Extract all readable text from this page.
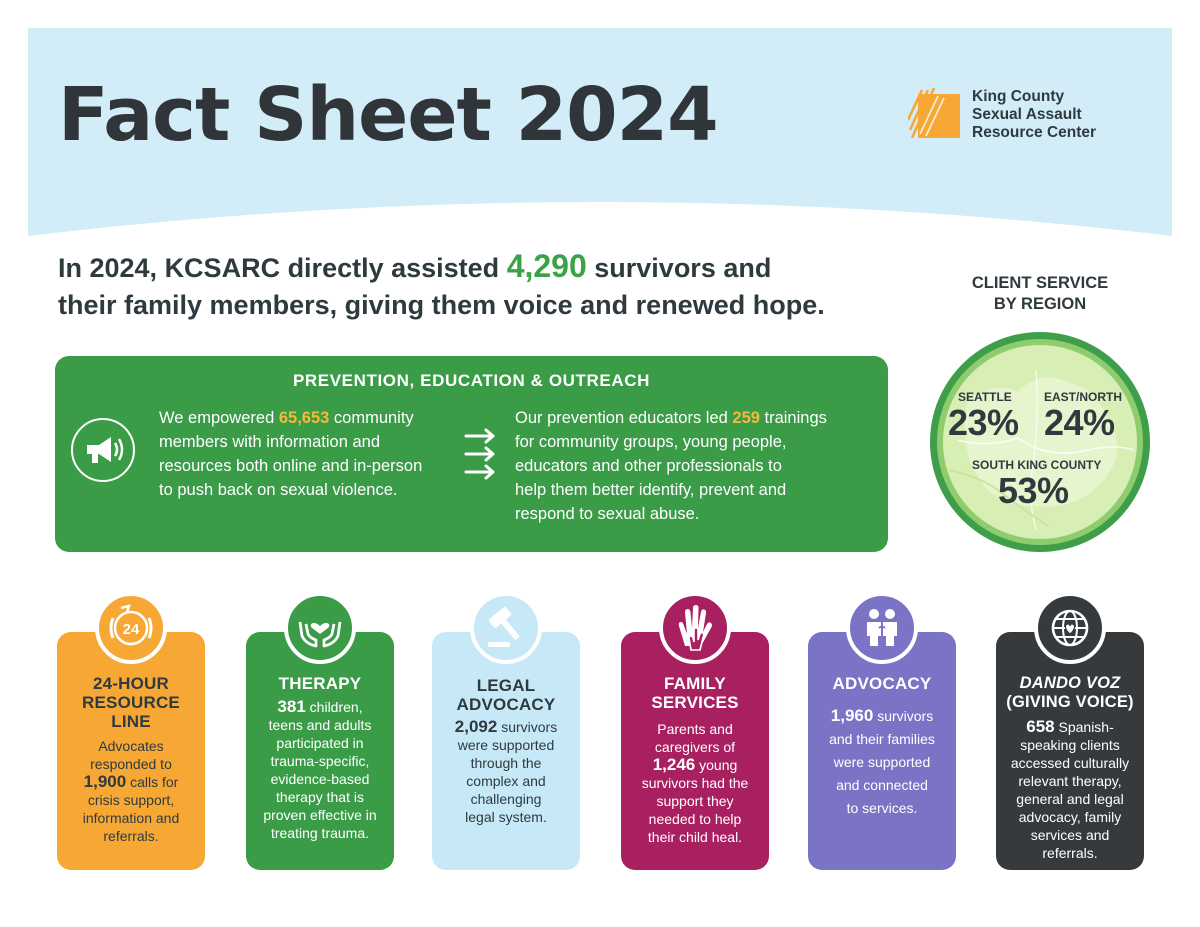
Fact Sheet 2024	King County
Sexual Assault
Resource Center
In 2024, KCSARC directly assisted 4,290 survivors and
their family members, giving them voice and renewed hope.
PREVENTION, EDUCATION & OUTREACH
We empowered 65,653 community
members with information and
resources both online and in-person
to push back on sexual violence.
Our prevention educators led 259 trainings
for community groups, young people,
educators and other professionals to
help them better identify, prevent and
respond to sexual abuse.
CLIENT SERVICE
BY REGION
SEATTLE
23%
EAST/NORTH
24%
SOUTH KING COUNTY
53%
24
24-HOUR
RESOURCE
LINE
Advocates
responded to
1,900 calls for
crisis support,
information and
referrals.
THERAPY
381 children,
teens and adults
participated in
trauma-specific,
evidence-based
therapy that is
proven effective in
treating trauma.
LEGAL
ADVOCACY
2,092 survivors
were supported
through the
complex and
challenging
legal system.
FAMILY
SERVICES
Parents and
caregivers of
1,246 young
survivors had the
support they
needed to help
their child heal.
ADVOCACY
1,960 survivors
and their families
were supported
and connected
to services.
DANDO VOZ
(GIVING VOICE)
658 Spanish-
speaking clients
accessed culturally
relevant therapy,
general and legal
advocacy, family
services and
referrals.
